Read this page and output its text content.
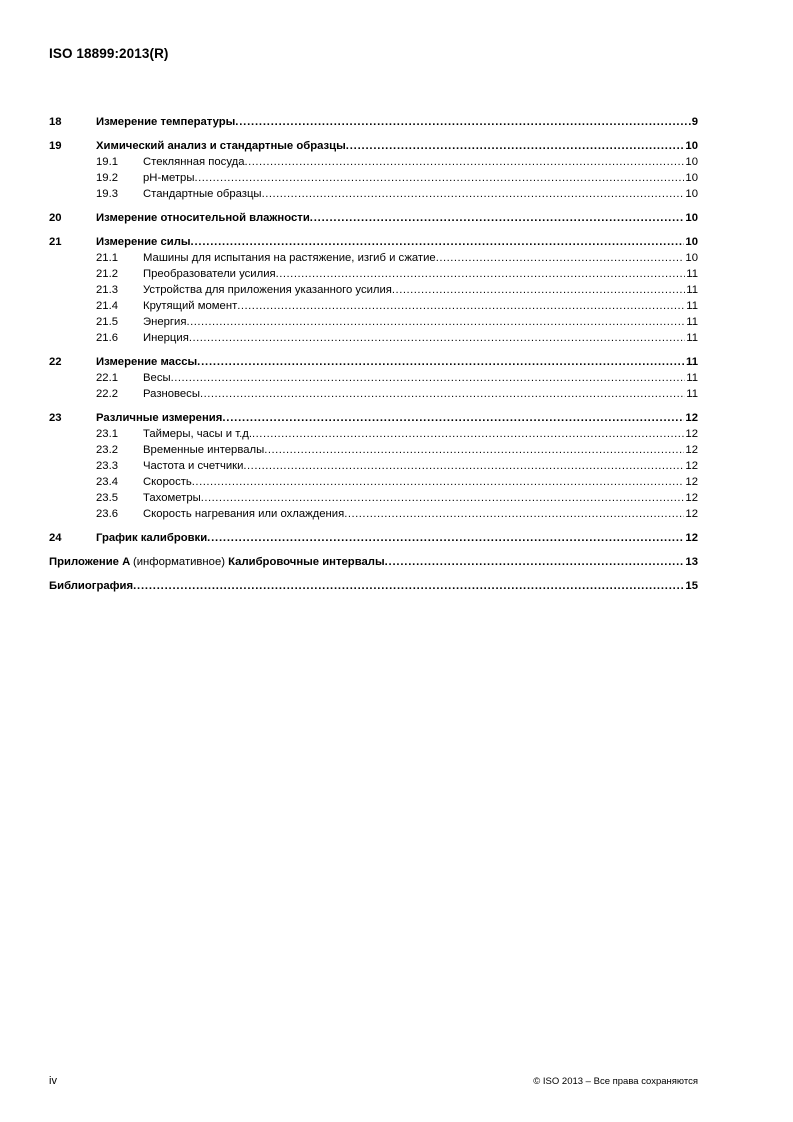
ISO 18899:2013(R)
18	Измерение температуры .....	9
19	Химический анализ и стандартные образцы .....	10
19.1	Стеклянная посуда .....	10
19.2	pH-метры .....	10
19.3	Стандартные образцы .....	10
20	Измерение относительной влажности .....	10
21	Измерение силы .....	10
21.1	Машины для испытания на растяжение, изгиб и сжатие .....	10
21.2	Преобразователи усилия .....	11
21.3	Устройства для приложения указанного усилия .....	11
21.4	Крутящий момент .....	11
21.5	Энергия .....	11
21.6	Инерция .....	11
22	Измерение массы .....	11
22.1	Весы .....	11
22.2	Разновесы .....	11
23	Различные измерения .....	12
23.1	Таймеры, часы и т.д. .....	12
23.2	Временные интервалы .....	12
23.3	Частота и счетчики .....	12
23.4	Скорость .....	12
23.5	Тахометры .....	12
23.6	Скорость нагревания или охлаждения .....	12
24	График калибровки .....	12
Приложение A (информативное) Калибровочные интервалы .....	13
Библиография .....	15
iv	© ISO 2013 – Все права сохраняются
